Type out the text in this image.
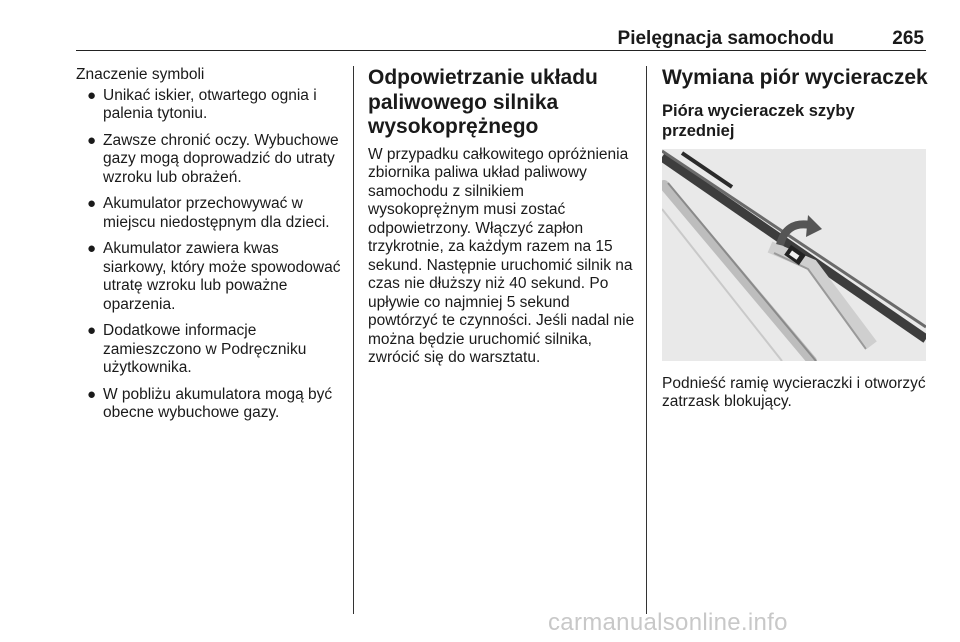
Pielęgnacja samochodu	265

Znaczenie symboli

● Unikać iskier, otwartego ognia i palenia tytoniu.
● Zawsze chronić oczy. Wybuchowe gazy mogą doprowadzić do utraty wzroku lub obrażeń.
● Akumulator przechowywać w miejscu niedostępnym dla dzieci.
● Akumulator zawiera kwas siarkowy, który może spowodować utratę wzroku lub poważne oparzenia.
● Dodatkowe informacje zamieszczono w Podręczniku użytkownika.
● W pobliżu akumulatora mogą być obecne wybuchowe gazy.
Odpowietrzanie układu paliwowego silnika wysokoprężnego

W przypadku całkowitego opróżnienia zbiornika paliwa układ paliwowy samochodu z silnikiem wysokoprężnym musi zostać odpowietrzony. Włączyć zapłon trzykrotnie, za każdym razem na 15 sekund. Następnie uruchomić silnik na czas nie dłuższy niż 40 sekund. Po upływie co najmniej 5 sekund powtórzyć te czynności. Jeśli nadal nie można będzie uruchomić silnika, zwrócić się do warsztatu.

Wymiana piór wycieraczek
Pióra wycieraczek szyby przedniej

Podnieść ramię wycieraczki i otworzyć zatrzask blokujący.

carmanualsonline.info
